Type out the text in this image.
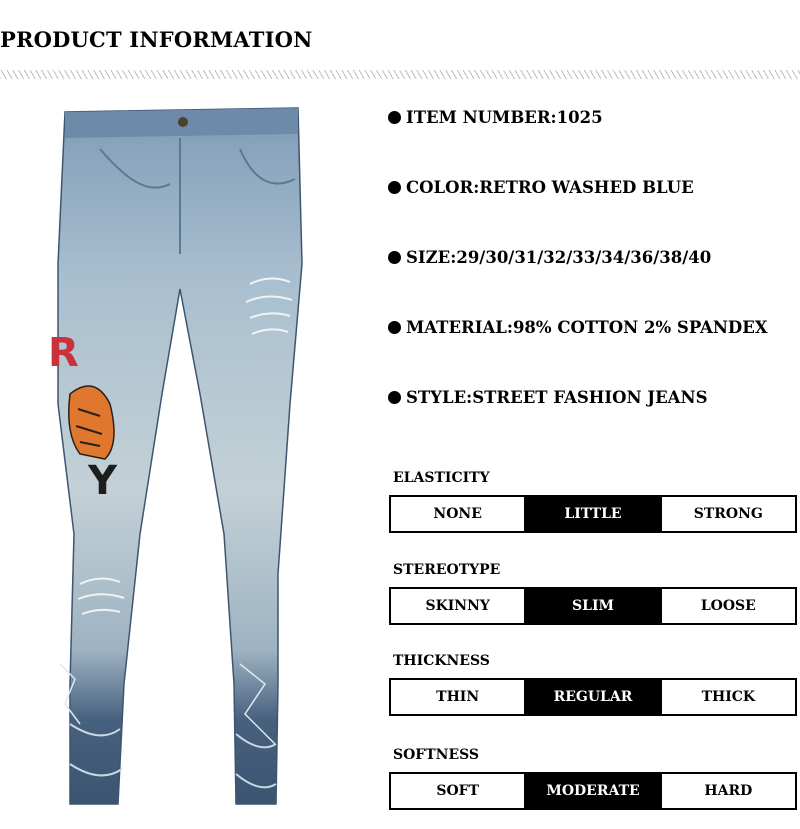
PRODUCT INFORMATION
R
Y
ITEM NUMBER:1025
COLOR:RETRO WASHED BLUE
SIZE:29/30/31/32/33/34/36/38/40
MATERIAL:98% COTTON 2% SPANDEX
STYLE:STREET FASHION JEANS
ELASTICITY
NONE	LITTLE	STRONG
STEREOTYPE
SKINNY	SLIM	LOOSE
THICKNESS
THIN	REGULAR	THICK
SOFTNESS
SOFT	MODERATE	HARD
